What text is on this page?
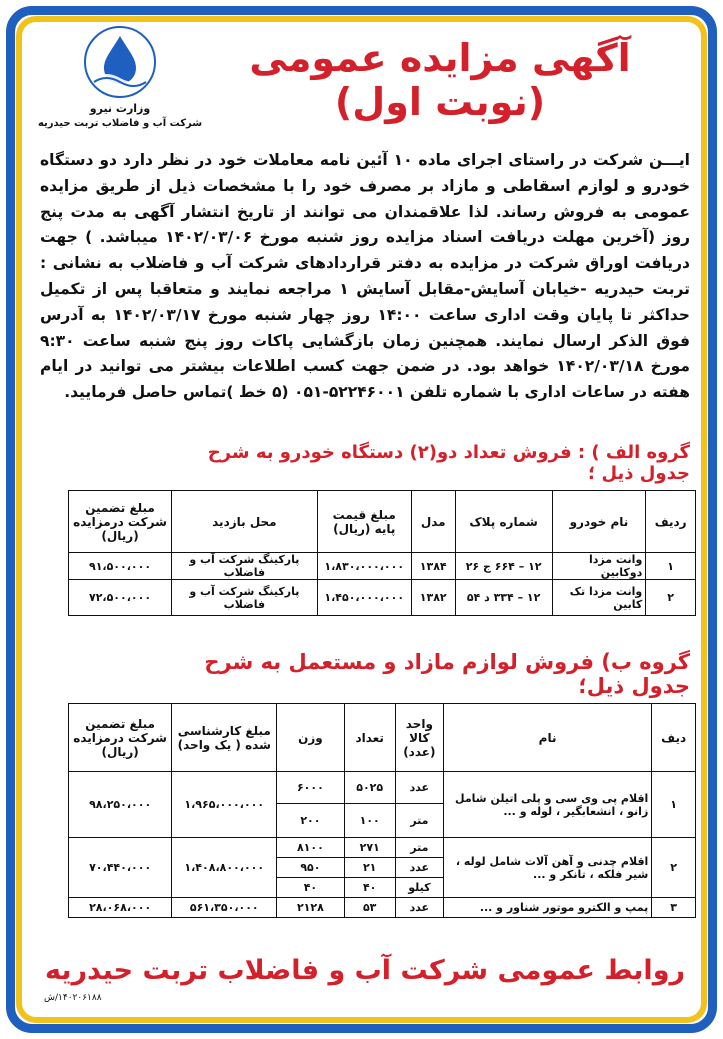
وزارت نیرو
شرکت آب و فاضلاب تربت حیدریه
آگهی مزایده عمومی (نوبت اول)
ایـــن شرکت در راستای اجرای ماده ۱۰ آئین نامه معاملات خود در نظر دارد دو دستگاه خودرو و لوازم اسقاطی و مازاد بر مصرف خود را با مشخصات ذیل از طریق مزایده عمومی به فروش رساند. لذا علاقمندان می توانند از تاریخ انتشار آگهی به مدت پنج روز (آخرین مهلت دریافت اسناد مزایده روز شنبه مورخ ۱۴۰۲/۰۳/۰۶ میباشد. ) جهت دریافت اوراق شرکت در مزایده به دفتر قراردادهای شرکت آب و فاضلاب به نشانی : تربت حیدریه -خیابان آسایش-مقابل آسایش ۱ مراجعه نمایند و متعاقبا پس از تکمیل حداکثر تا پایان وقت اداری ساعت ۱۴:۰۰ روز چهار شنبه مورخ ۱۴۰۲/۰۳/۱۷ به آدرس فوق الذکر ارسال نمایند. همچنین زمان بازگشایی پاکات روز پنج شنبه ساعت ۹:۳۰ مورخ ۱۴۰۲/۰۳/۱۸ خواهد بود. در ضمن جهت کسب اطلاعات بیشتر می توانید در ایام هفته در ساعات اداری با شماره تلفن ۵۲۲۴۶۰۰۱-۰۵۱ (۵ خط )تماس حاصل فرمایید.
گروه الف ) : فروش تعداد دو(۲) دستگاه خودرو به شرح جدول ذیل ؛
ردیف	نام خودرو	شماره پلاک	مدل	مبلغ قیمت پایه (ریال)	محل بازدید	مبلغ تضمین شرکت درمزایده (ریال)
۱	وانت مزدا دوکابین	۱۲ – ۶۶۴ ج ۲۶	۱۳۸۴	۱،۸۳۰،۰۰۰،۰۰۰	پارکینگ شرکت آب و فاضلاب	۹۱،۵۰۰،۰۰۰
۲	وانت مزدا تک کابین	۱۲ – ۳۳۴ د ۵۴	۱۳۸۲	۱،۴۵۰،۰۰۰،۰۰۰	پارکینگ شرکت آب و فاضلاب	۷۲،۵۰۰،۰۰۰
گروه ب) فروش لوازم مازاد و مستعمل به شرح جدول ذیل؛
دیف	نام	واحد کالا (عدد)	تعداد	وزن	مبلغ کارشناسی شده ( یک واحد)	مبلغ تضمین شرکت درمزایده (ریال)
۱	اقلام پی وی سی و پلی اتیلن شامل زانو ، انشعابگیر ، لوله و ...	عدد	۵۰۲۵	۶۰۰۰	۱،۹۶۵،۰۰۰،۰۰۰	۹۸،۲۵۰،۰۰۰
		متر	۱۰۰	۲۰۰		
۲	اقلام چدنی و آهن آلات شامل لوله ، شیر فلکه ، تانکر و ...	متر	۲۷۱	۸۱۰۰	۱،۴۰۸،۸۰۰،۰۰۰	۷۰،۴۴۰،۰۰۰
		عدد	۲۱	۹۵۰		
		کیلو	۴۰	۴۰		
۳	پمپ و الکترو موتور شناور و ...	عدد	۵۳	۲۱۲۸	۵۶۱،۳۵۰،۰۰۰	۲۸،۰۶۸،۰۰۰
روابط عمومی شرکت آب و فاضلاب تربت حیدریه
۱۴۰۲۰۶۱۸۸/ش
